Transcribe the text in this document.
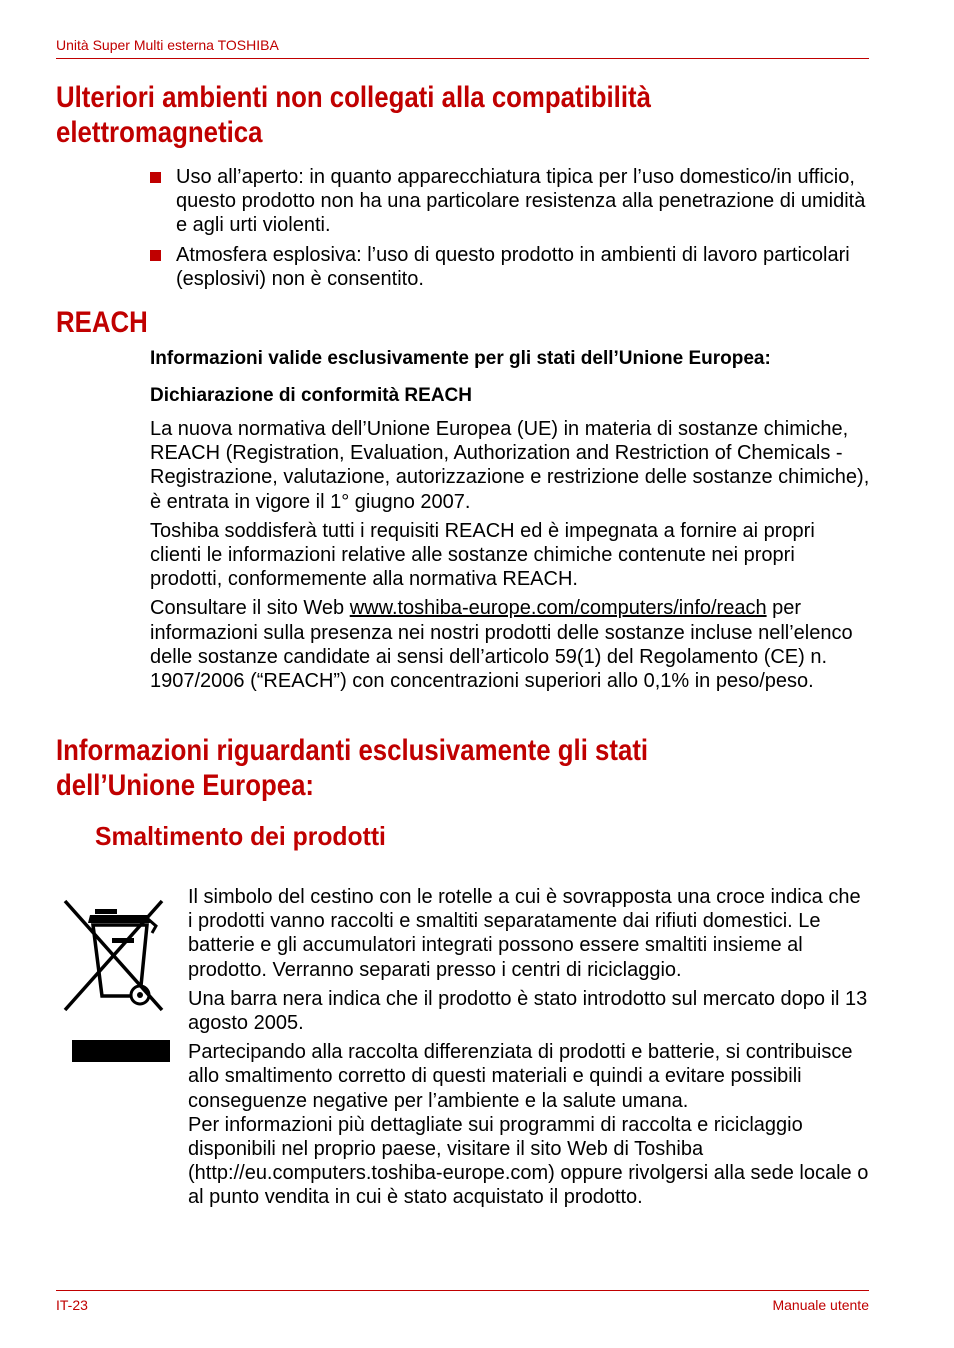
Unità Super Multi esterna TOSHIBA
Ulteriori ambienti non collegati alla compatibilità
elettromagnetica
Uso all’aperto: in quanto apparecchiatura tipica per l’uso domestico/in ufficio, questo prodotto non ha una particolare resistenza alla penetrazione di umidità e agli urti violenti.
Atmosfera esplosiva: l’uso di questo prodotto in ambienti di lavoro particolari (esplosivi) non è consentito.
REACH
Informazioni valide esclusivamente per gli stati dell’Unione Europea:
Dichiarazione di conformità REACH

La nuova normativa dell’Unione Europea (UE) in materia di sostanze chimiche, REACH (Registration, Evaluation, Authorization and Restriction of Chemicals - Registrazione, valutazione, autorizzazione e restrizione delle sostanze chimiche), è entrata in vigore il 1° giugno 2007.

Toshiba soddisferà tutti i requisiti REACH ed è impegnata a fornire ai propri clienti le informazioni relative alle sostanze chimiche contenute nei propri prodotti, conformemente alla normativa REACH.

Consultare il sito Web www.toshiba-europe.com/computers/info/reach per informazioni sulla presenza nei nostri prodotti delle sostanze incluse nell’elenco delle sostanze candidate ai sensi dell’articolo 59(1) del Regolamento (CE) n. 1907/2006 (“REACH”) con concentrazioni superiori allo 0,1% in peso/peso.

Informazioni riguardanti esclusivamente gli stati
dell’Unione Europea:
Smaltimento dei prodotti

Il simbolo del cestino con le rotelle a cui è sovrapposta una croce indica che i prodotti vanno raccolti e smaltiti separatamente dai rifiuti domestici. Le batterie e gli accumulatori integrati possono essere smaltiti insieme al prodotto. Verranno separati presso i centri di riciclaggio.

Una barra nera indica che il prodotto è stato introdotto sul mercato dopo il 13 agosto 2005.

Partecipando alla raccolta differenziata di prodotti e batterie, si contribuisce allo smaltimento corretto di questi materiali e quindi a evitare possibili conseguenze negative per l’ambiente e la salute umana.

Per informazioni più dettagliate sui programmi di raccolta e riciclaggio disponibili nel proprio paese, visitare il sito Web di Toshiba (http://eu.computers.toshiba-europe.com) oppure rivolgersi alla sede locale o al punto vendita in cui è stato acquistato il prodotto.

IT-23	Manuale utente
